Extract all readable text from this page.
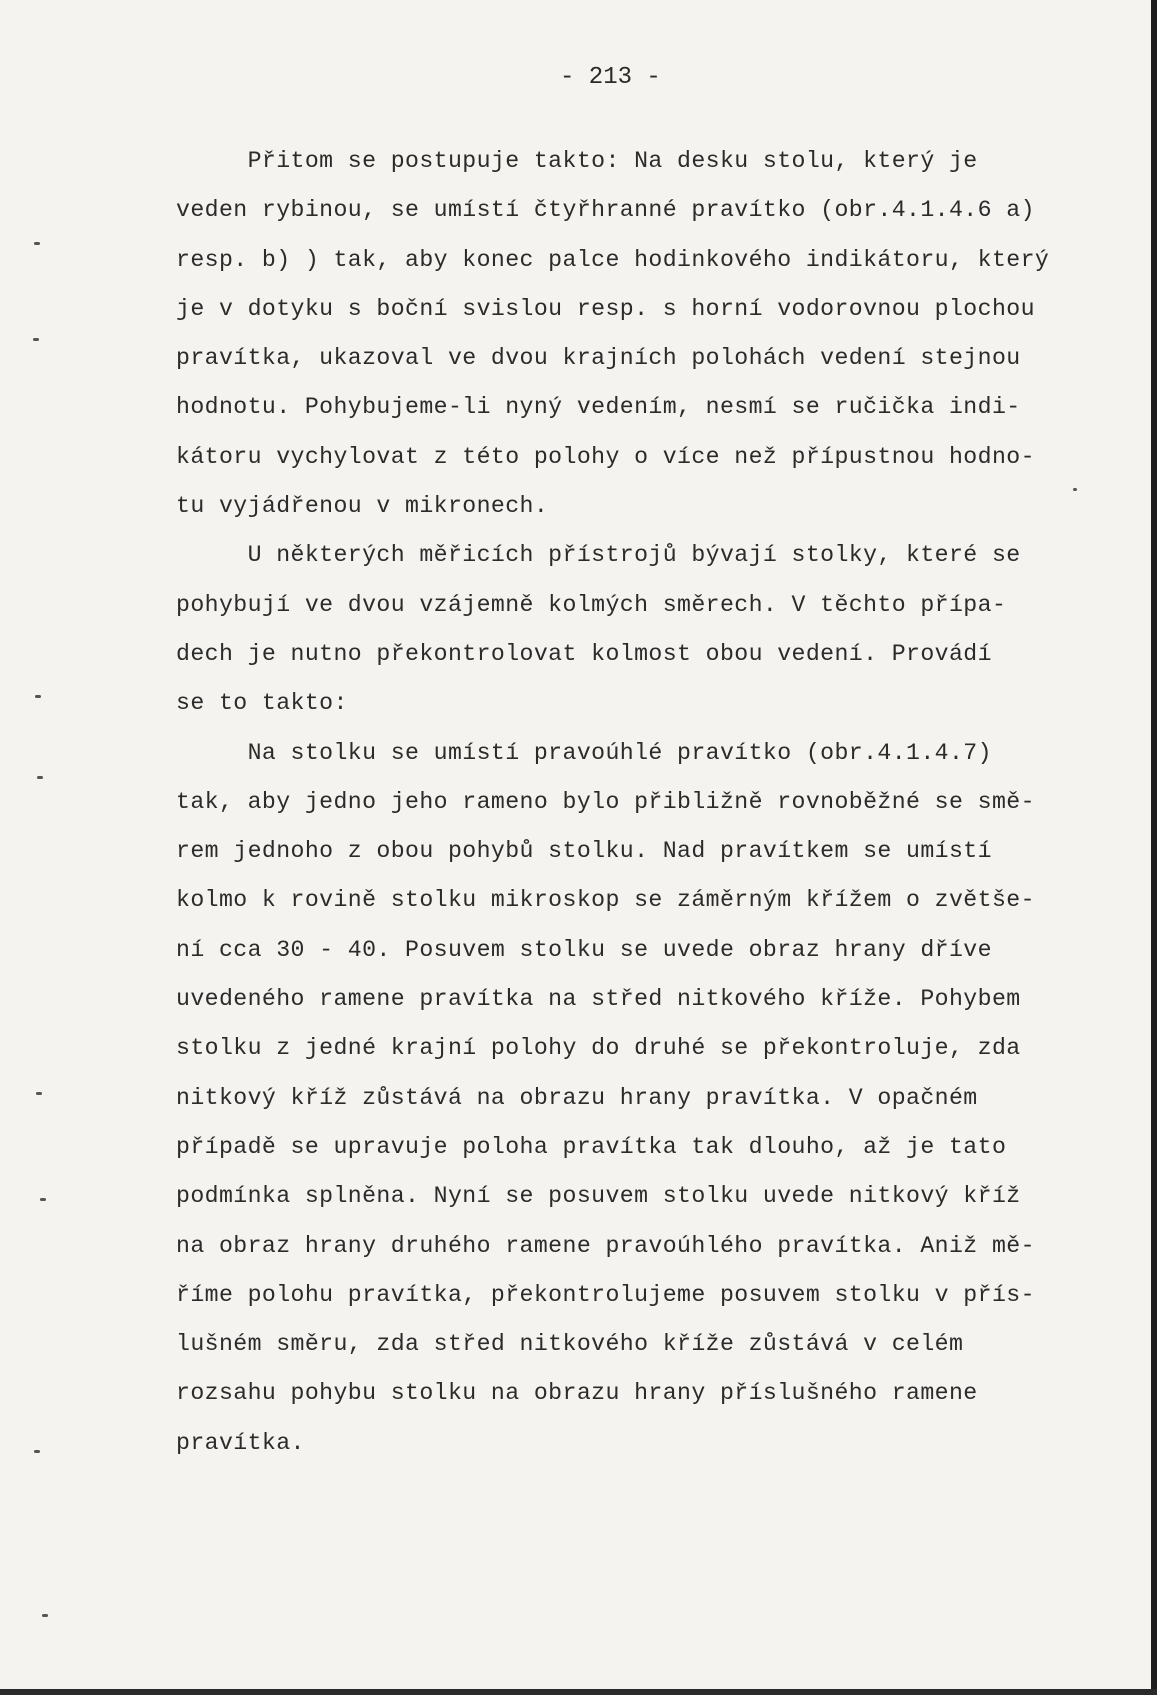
- 213 -
Přitom se postupuje takto: Na desku stolu, který je
veden rybinou, se umístí čtyřhranné pravítko (obr.4.1.4.6 a)
resp. b) ) tak, aby konec palce hodinkového indikátoru, který
je v dotyku s boční svislou resp. s horní vodorovnou plochou
pravítka, ukazoval ve dvou krajních polohách vedení stejnou
hodnotu. Pohybujeme-li nyný vedením, nesmí se ručička indi-
kátoru vychylovat z této polohy o více než přípustnou hodno-
tu vyjádřenou v mikronech.
U některých měřicích přístrojů bývají stolky, které se
pohybují ve dvou vzájemně kolmých směrech. V těchto přípa-
dech je nutno překontrolovat kolmost obou vedení. Provádí
se to takto:
Na stolku se umístí pravoúhlé pravítko (obr.4.1.4.7)
tak, aby jedno jeho rameno bylo přibližně rovnoběžné se smě-
rem jednoho z obou pohybů stolku. Nad pravítkem se umístí
kolmo k rovině stolku mikroskop se záměrným křížem o zvětše-
ní cca 30 - 40. Posuvem stolku se uvede obraz hrany dříve
uvedeného ramene pravítka na střed nitkového kříže. Pohybem
stolku z jedné krajní polohy do druhé se překontroluje, zda
nitkový kříž zůstává na obrazu hrany pravítka. V opačném
případě se upravuje poloha pravítka tak dlouho, až je tato
podmínka splněna. Nyní se posuvem stolku uvede nitkový kříž
na obraz hrany druhého ramene pravoúhlého pravítka. Aniž mě-
říme polohu pravítka, překontrolujeme posuvem stolku v přís-
lušném směru, zda střed nitkového kříže zůstává v celém
rozsahu pohybu stolku na obrazu hrany příslušného ramene
pravítka.
